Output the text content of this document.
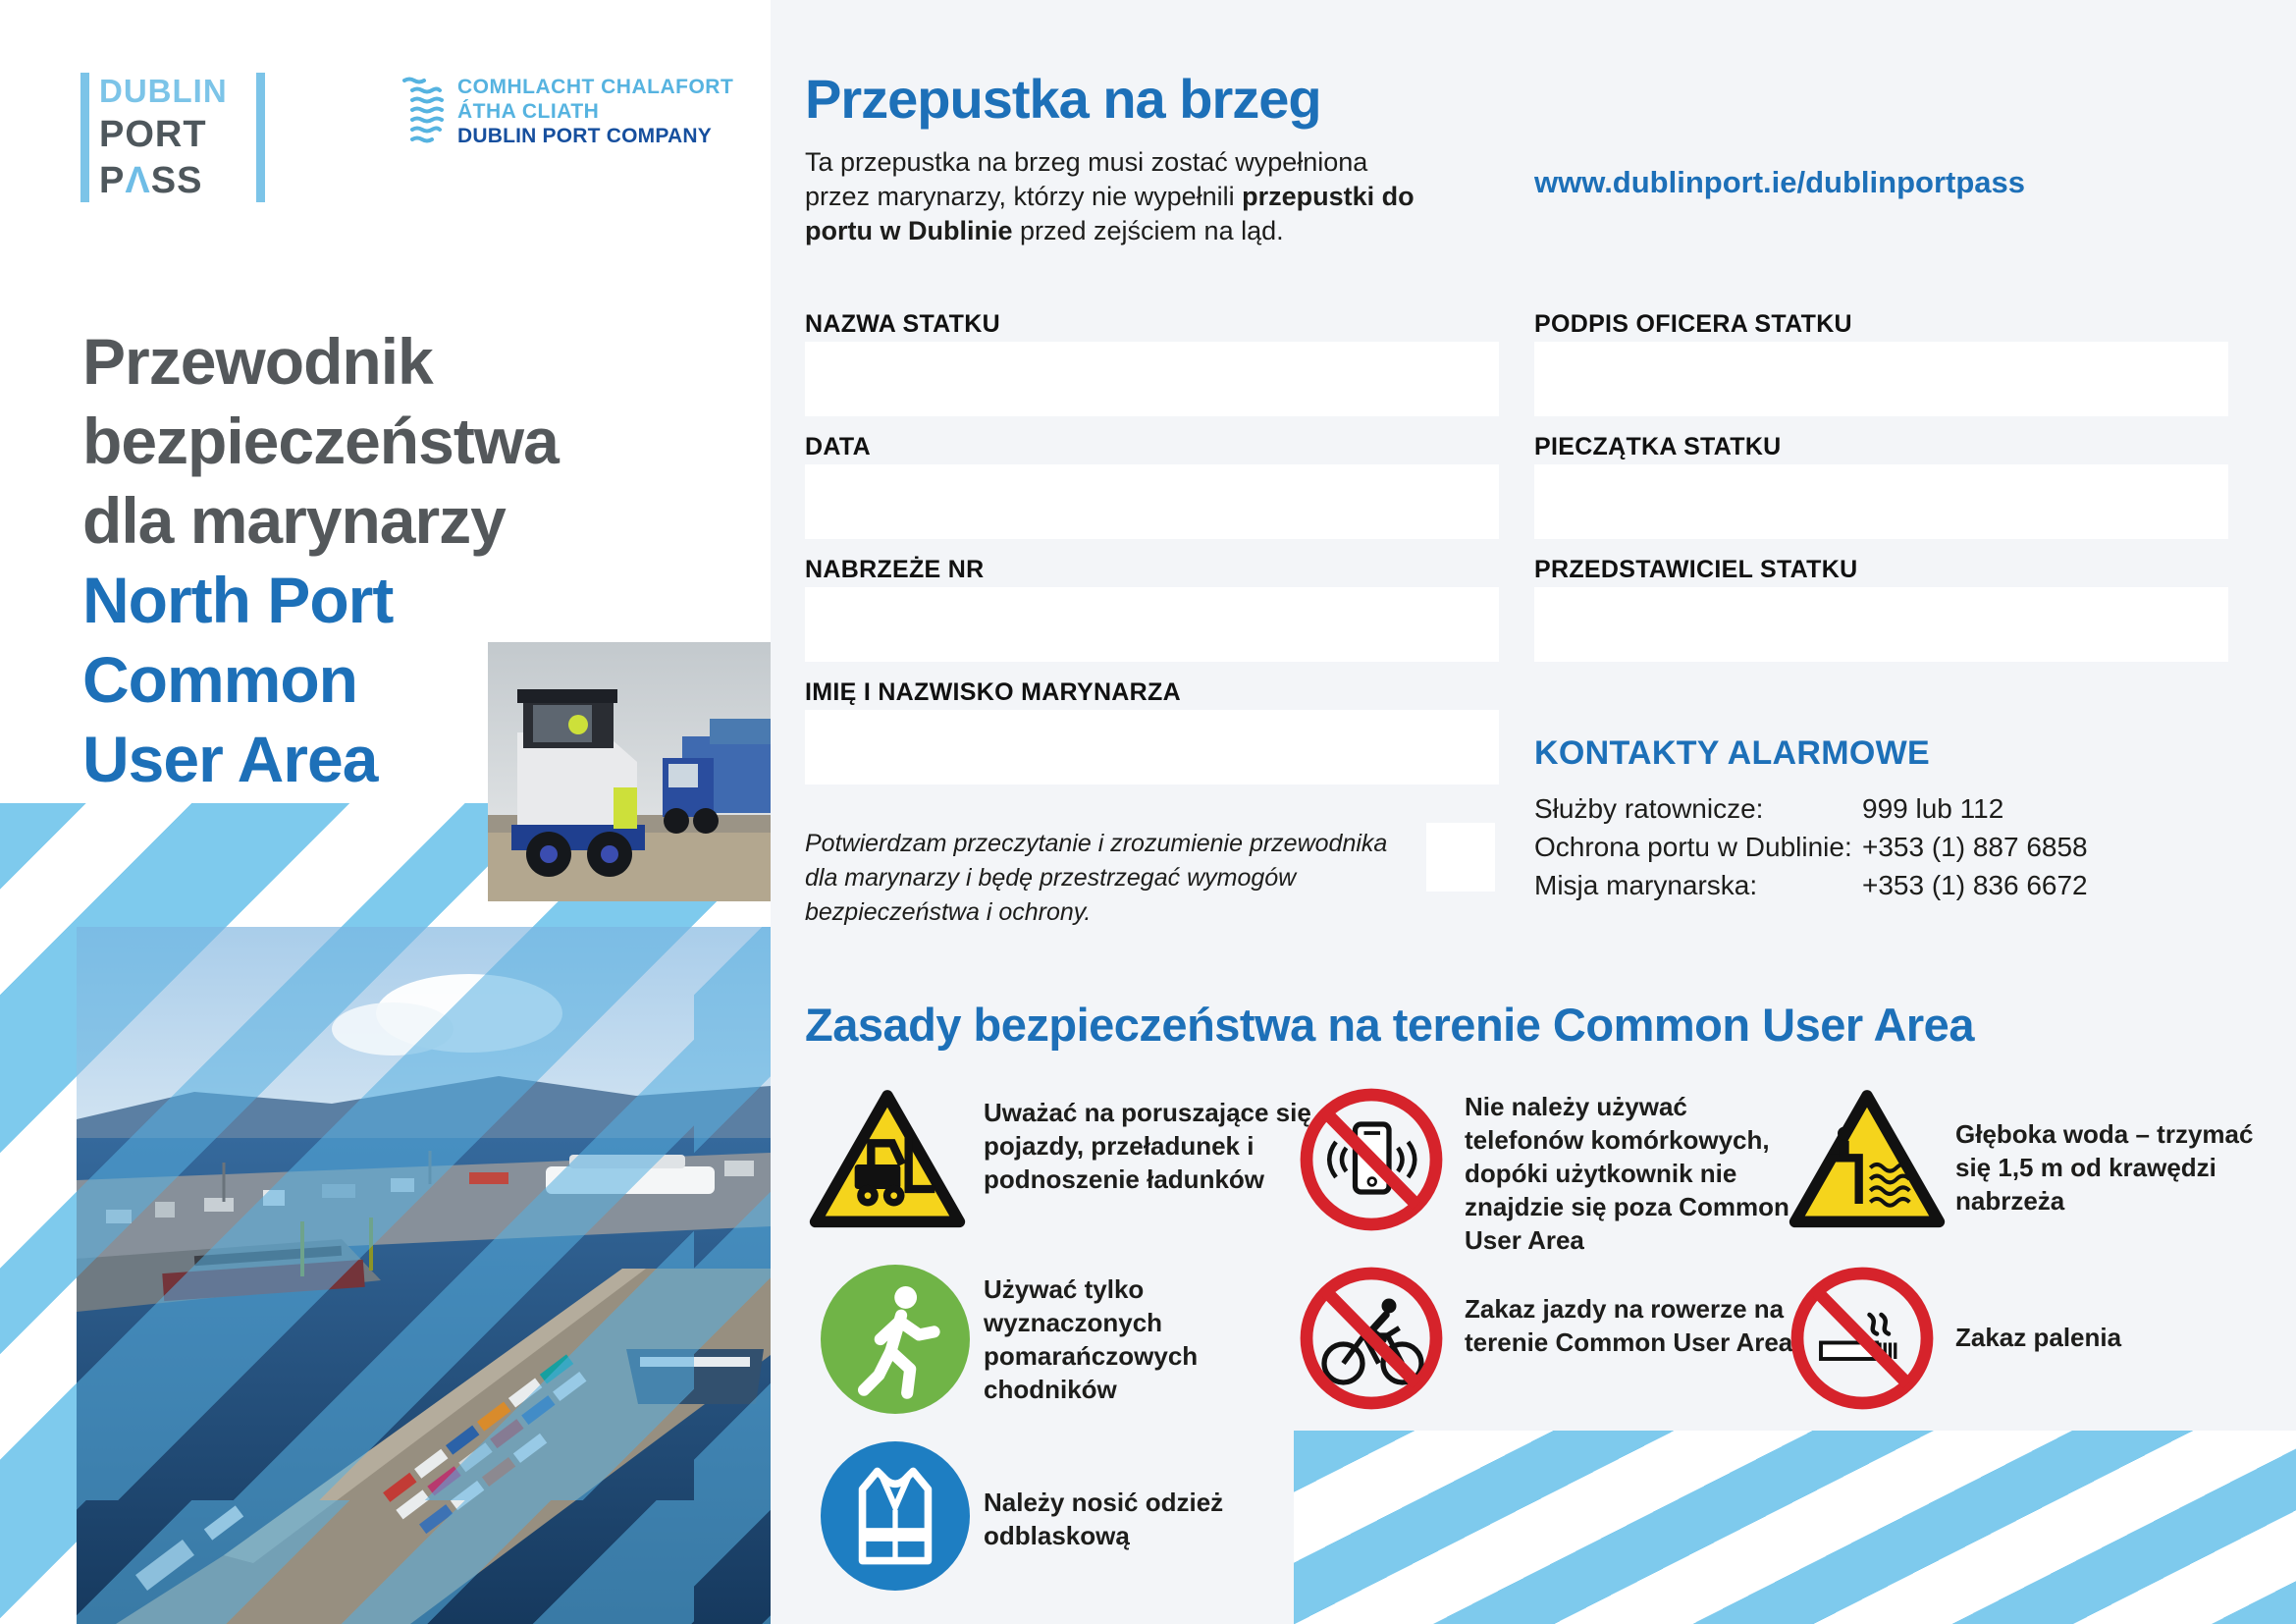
DUBLIN
PORT
PΛSS
COMHLACHT CHALAFORT
ÁTHA CLIATH
DUBLIN PORT COMPANY
Przewodnik
bezpieczeństwa
dla marynarzy
North Port
Common
User Area
Przepustka na brzeg
Ta przepustka na brzeg musi zostać wypełniona przez marynarzy, którzy nie wypełnili przepustki do portu w Dublinie przed zejściem na ląd.
www.dublinport.ie/dublinportpass
NAZWA STATKU
DATA
NABRZEŻE NR
IMIĘ I NAZWISKO MARYNARZA
PODPIS OFICERA STATKU
PIECZĄTKA STATKU
PRZEDSTAWICIEL STATKU
Potwierdzam przeczytanie i zrozumienie przewodnika dla marynarzy i będę przestrzegać wymogów bezpieczeństwa i ochrony.
KONTAKTY ALARMOWE
Służby ratownicze:	999 lub 112
Ochrona portu w Dublinie: +353 (1) 887 6858
Misja marynarska:	+353 (1) 836 6672
Zasady bezpieczeństwa na terenie Common User Area
Uważać na poruszające się pojazdy, przeładunek i podnoszenie ładunków
Nie należy używać telefonów komórkowych, dopóki użytkownik nie znajdzie się poza Common User Area
Głęboka woda – trzymać się 1,5 m od krawędzi nabrzeża
Używać tylko wyznaczonych pomarańczowych chodników
Zakaz jazdy na rowerze na terenie Common User Area	Zakaz palenia
Należy nosić odzież odblaskową
